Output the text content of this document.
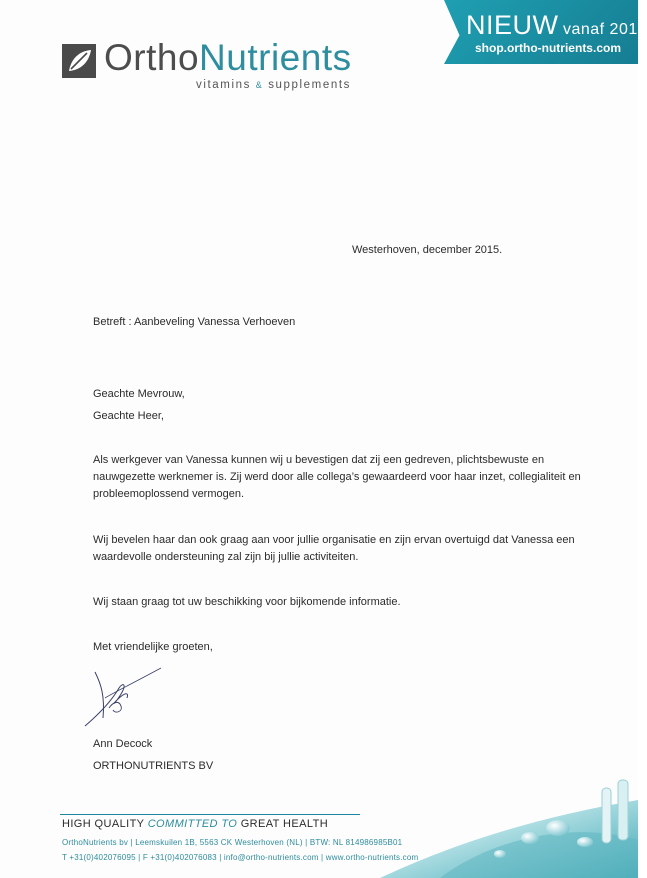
OrthoNutrients
vitamins & supplements
NIEUW vanaf 2015
shop.ortho-nutrients.com
Westerhoven, december 2015.
Betreft : Aanbeveling Vanessa Verhoeven
Geachte Mevrouw,
Geachte Heer,
Als werkgever van Vanessa kunnen wij u bevestigen dat zij een gedreven, plichtsbewuste en
nauwgezette werknemer is. Zij werd door alle collega’s gewaardeerd voor haar inzet, collegialiteit en
probleemoplossend vermogen.
Wij bevelen haar dan ook graag aan voor jullie organisatie en zijn ervan overtuigd dat Vanessa een
waardevolle ondersteuning zal zijn bij jullie activiteiten.
Wij staan graag tot uw beschikking voor bijkomende informatie.
Met vriendelijke groeten,
Ann Decock
ORTHONUTRIENTS BV
HIGH QUALITY COMMITTED TO GREAT HEALTH
OrthoNutrients bv | Leemskuilen 1B, 5563 CK Westerhoven (NL) | BTW: NL 814986985B01
T +31(0)402076095 | F +31(0)402076083 | info@ortho-nutrients.com | www.ortho-nutrients.com
